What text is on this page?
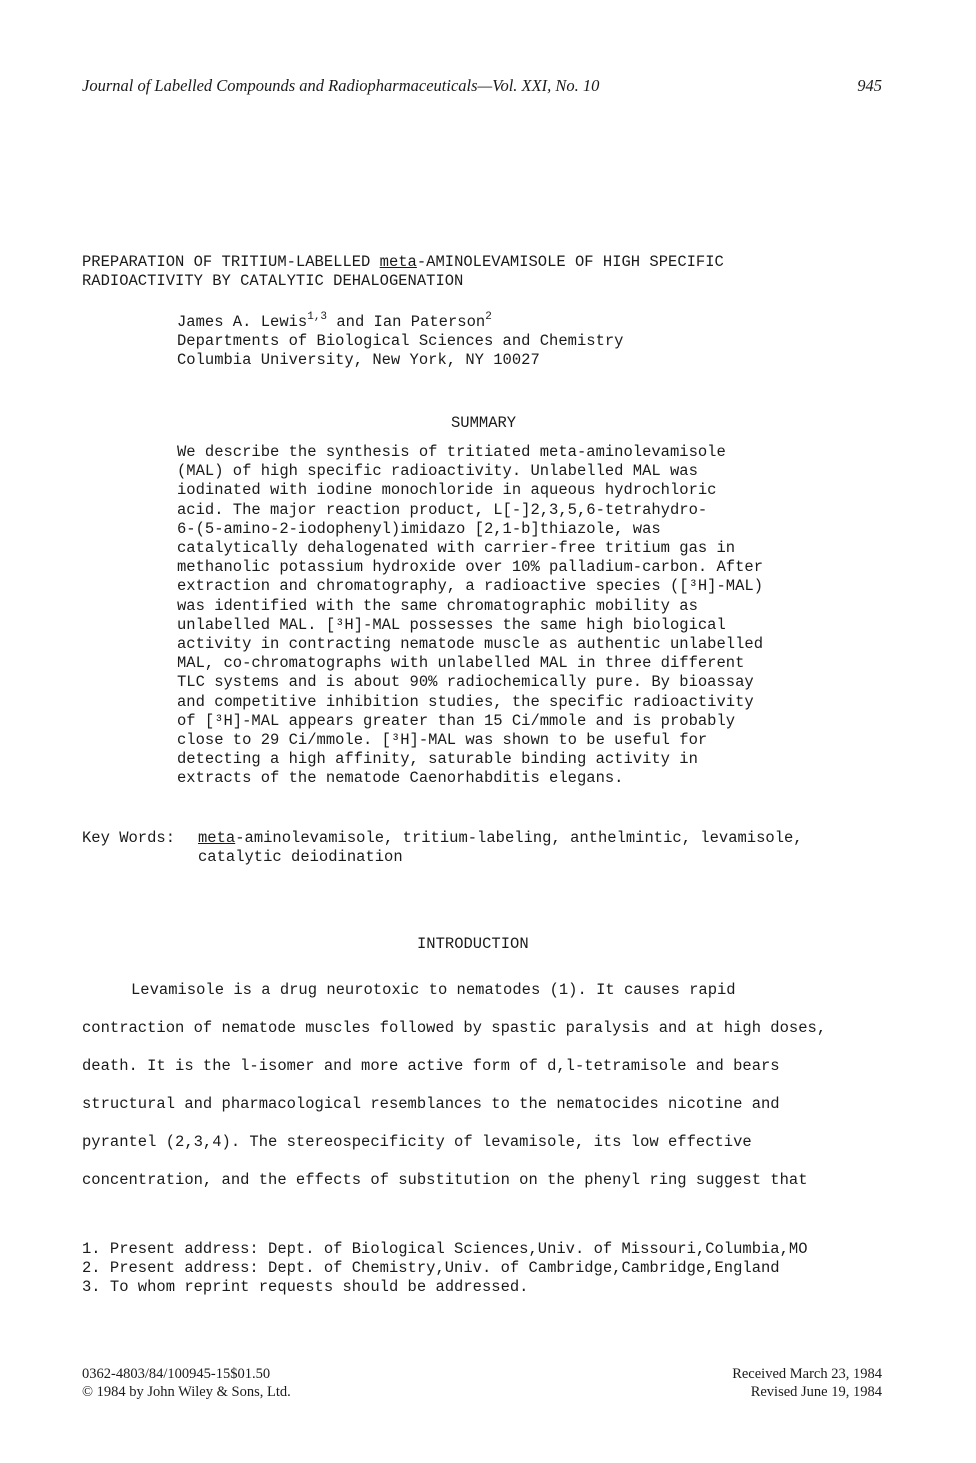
Journal of Labelled Compounds and Radiopharmaceuticals—Vol. XXI, No. 10	945
PREPARATION OF TRITIUM-LABELLED meta-AMINOLEVAMISOLE OF HIGH SPECIFIC
RADIOACTIVITY BY CATALYTIC DEHALOGENATION
James A. Lewis$^{1,3}$ and Ian Paterson$^2$
Departments of Biological Sciences and Chemistry
Columbia University, New York, NY 10027
SUMMARY
We describe the synthesis of tritiated meta-aminolevamisole
(MAL) of high specific radioactivity. Unlabelled MAL was
iodinated with iodine monochloride in aqueous hydrochloric
acid. The major reaction product, L[-]2,3,5,6-tetrahydro-
6-(5-amino-2-iodophenyl)imidazo [2,1-b]thiazole, was
catalytically dehalogenated with carrier-free tritium gas in
methanolic potassium hydroxide over 10% palladium-carbon. After
extraction and chromatography, a radioactive species ([³H]-MAL)
was identified with the same chromatographic mobility as
unlabelled MAL. [³H]-MAL possesses the same high biological
activity in contracting nematode muscle as authentic unlabelled
MAL, co-chromatographs with unlabelled MAL in three different
TLC systems and is about 90% radiochemically pure. By bioassay
and competitive inhibition studies, the specific radioactivity
of [³H]-MAL appears greater than 15 Ci/mmole and is probably
close to 29 Ci/mmole. [³H]-MAL was shown to be useful for
detecting a high affinity, saturable binding activity in
extracts of the nematode Caenorhabditis elegans.
Key Words: meta-aminolevamisole, tritium-labeling, anthelmintic, levamisole,
catalytic deiodination
INTRODUCTION
Levamisole is a drug neurotoxic to nematodes (1). It causes rapid
contraction of nematode muscles followed by spastic paralysis and at high doses,
death. It is the l-isomer and more active form of d,l-tetramisole and bears
structural and pharmacological resemblances to the nematocides nicotine and
pyrantel (2,3,4). The stereospecificity of levamisole, its low effective
concentration, and the effects of substitution on the phenyl ring suggest that
1. Present address: Dept. of Biological Sciences,Univ. of Missouri,Columbia,MO
2. Present address: Dept. of Chemistry,Univ. of Cambridge,Cambridge,England
3. To whom reprint requests should be addressed.
0362-4803/84/100945-15$01.50
© 1984 by John Wiley & Sons, Ltd.
Received March 23, 1984
Revised June 19, 1984
